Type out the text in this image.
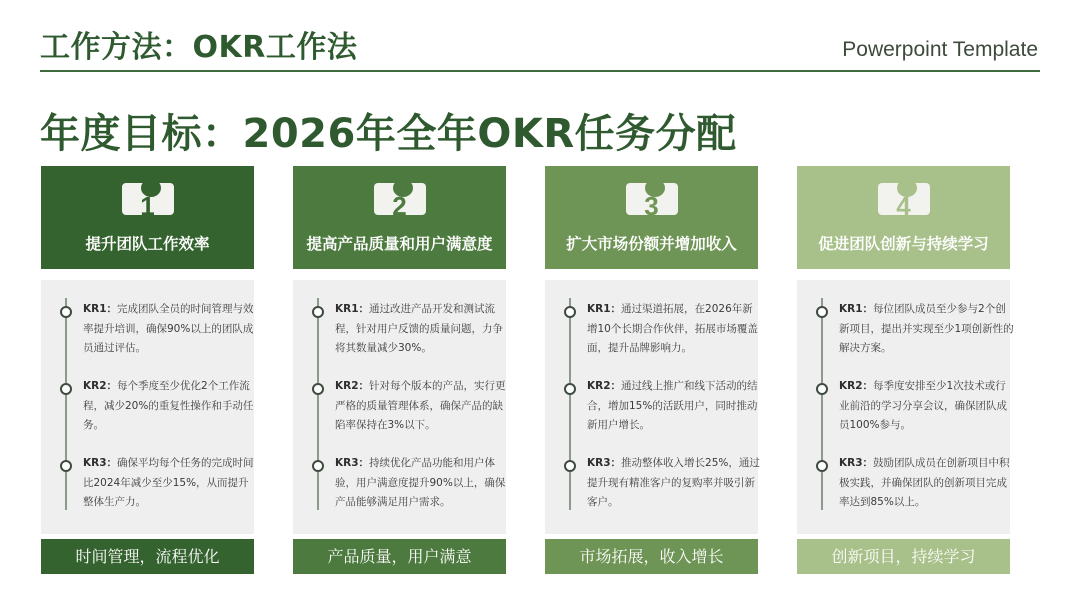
工作方法：OKR工作法	Powerpoint Template
年度目标：2026年全年OKR任务分配
1
提升团队工作效率
KR1：完成团队全员的时间管理与效率提升培训，确保90%以上的团队成员通过评估。
KR2：每个季度至少优化2个工作流程，减少20%的重复性操作和手动任务。
KR3：确保平均每个任务的完成时间比2024年减少至少15%，从而提升整体生产力。
时间管理，流程优化
2
提高产品质量和用户满意度
KR1：通过改进产品开发和测试流程，针对用户反馈的质量问题，力争将其数量减少30%。
KR2：针对每个版本的产品，实行更严格的质量管理体系，确保产品的缺陷率保持在3%以下。
KR3：持续优化产品功能和用户体验，用户满意度提升90%以上，确保产品能够满足用户需求。
产品质量，用户满意
3
扩大市场份额并增加收入
KR1：通过渠道拓展，在2026年新增10个长期合作伙伴，拓展市场覆盖面，提升品牌影响力。
KR2：通过线上推广和线下活动的结合，增加15%的活跃用户，同时推动新用户增长。
KR3：推动整体收入增长25%，通过提升现有精准客户的复购率并吸引新客户。
市场拓展，收入增长
4
促进团队创新与持续学习
KR1：每位团队成员至少参与2个创新项目，提出并实现至少1项创新性的解决方案。
KR2：每季度安排至少1次技术或行业前沿的学习分享会议，确保团队成员100%参与。
KR3：鼓励团队成员在创新项目中积极实践，并确保团队的创新项目完成率达到85%以上。
创新项目，持续学习
